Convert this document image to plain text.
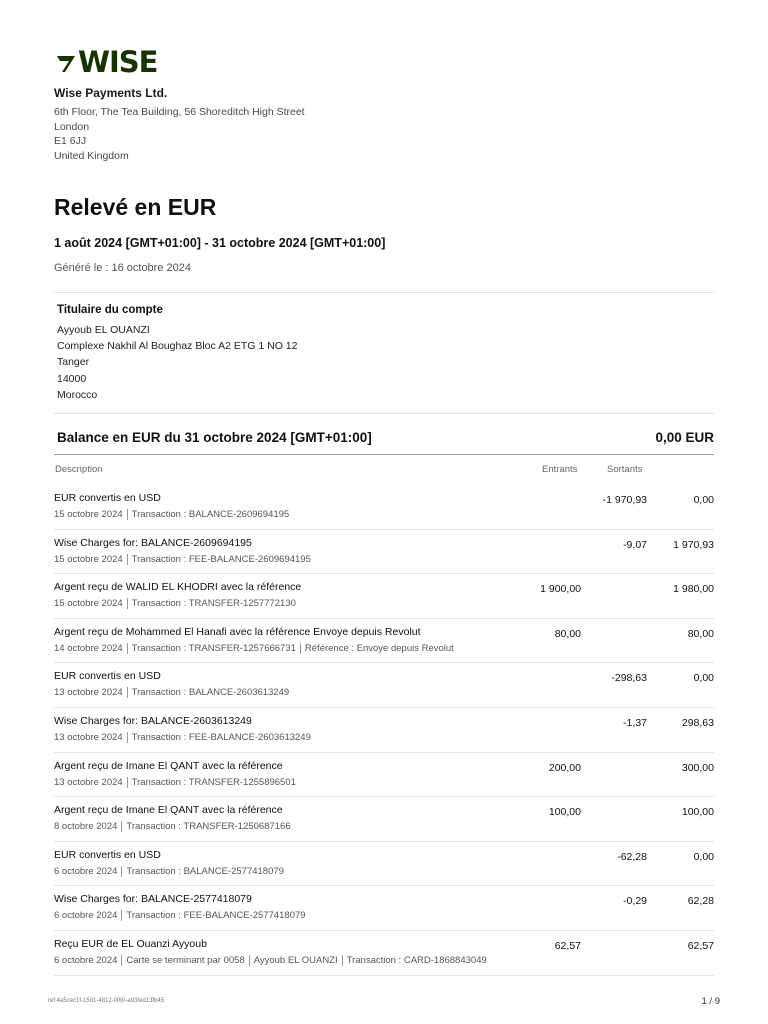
WISE
Wise Payments Ltd.
6th Floor, The Tea Building, 56 Shoreditch High Street
London
E1 6JJ
United Kingdom
Relevé en EUR
1 août 2024 [GMT+01:00] - 31 octobre 2024 [GMT+01:00]
Généré le : 16 octobre 2024
Titulaire du compte
Ayyoub EL OUANZI
Complexe Nakhil Al Boughaz Bloc A2 ETG 1 NO 12
Tanger
14000
Morocco
Balance en EUR du 31 octobre 2024 [GMT+01:00]	0,00 EUR
Description	Entrants	Sortants
EUR convertis en USD
15 octobre 2024 Transaction : BALANCE-2609694195
-1 970,93	0,00
Wise Charges for: BALANCE-2609694195
15 octobre 2024 Transaction : FEE-BALANCE-2609694195
-9,07	1 970,93
Argent reçu de WALID EL KHODRI avec la référence
15 octobre 2024 Transaction : TRANSFER-1257772130
1 900,00	1 980,00
Argent reçu de Mohammed El Hanafi avec la référence Envoye depuis Revolut
14 octobre 2024 Transaction : TRANSFER-1257666731 Référence : Envoye depuis Revolut
80,00	80,00
EUR convertis en USD
13 octobre 2024 Transaction : BALANCE-2603613249
-298,63	0,00
Wise Charges for: BALANCE-2603613249
13 octobre 2024 Transaction : FEE-BALANCE-2603613249
-1,37	298,63
Argent reçu de Imane El QANT avec la référence
13 octobre 2024 Transaction : TRANSFER-1255896501
200,00	300,00
Argent reçu de Imane El QANT avec la référence
8 octobre 2024 Transaction : TRANSFER-1250687166
100,00	100,00
EUR convertis en USD
6 octobre 2024 Transaction : BALANCE-2577418079
-62,28	0,00
Wise Charges for: BALANCE-2577418079
6 octobre 2024 Transaction : FEE-BALANCE-2577418079
-0,29	62,28
Reçu EUR de EL Ouanzi Ayyoub
6 octobre 2024 Carte se terminant par 0058 Ayyoub EL OUANZI Transaction : CARD-1868843049
62,57	62,57
ref:4a5cec1f-1501-4812-0f60-a93fed13fb45	1 / 9
